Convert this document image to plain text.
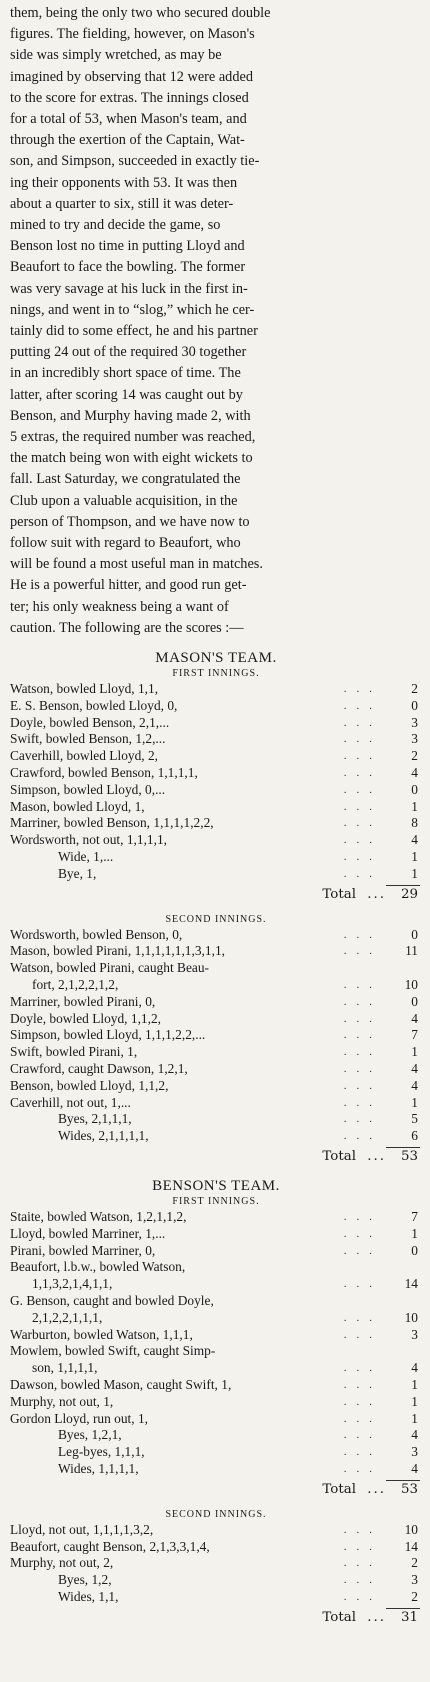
them, being the only two who secured double

figures. The fielding, however, on Mason's

side was simply wretched, as may be

imagined by observing that 12 were added

to the score for extras. The innings closed

for a total of 53, when Mason's team, and

through the exertion of the Captain, Wat-

son, and Simpson, succeeded in exactly tie-

ing their opponents with 53. It was then

about a quarter to six, still it was deter-

mined to try and decide the game, so

Benson lost no time in putting Lloyd and

Beaufort to face the bowling. The former

was very savage at his luck in the first in-

nings, and went in to “slog,” which he cer-

tainly did to some effect, he and his partner

putting 24 out of the required 30 together

in an incredibly short space of time. The

latter, after scoring 14 was caught out by

Benson, and Murphy having made 2, with

5 extras, the required number was reached,

the match being won with eight wickets to

fall. Last Saturday, we congratulated the

Club upon a valuable acquisition, in the

person of Thompson, and we have now to

follow suit with regard to Beaufort, who

will be found a most useful man in matches.

He is a powerful hitter, and good run get-

ter; his only weakness being a want of

caution. The following are the scores :—

MASON'S TEAM.
FIRST INNINGS.
Watson, bowled Lloyd, 1,1,	...	2
E. S. Benson, bowled Lloyd, 0,	...	0
Doyle, bowled Benson, 2,1,...	...	3
Swift, bowled Benson, 1,2,...	...	3
Caverhill, bowled Lloyd, 2,	...	2
Crawford, bowled Benson, 1,1,1,1,	...	4
Simpson, bowled Lloyd, 0,...	...	0
Mason, bowled Lloyd, 1,	...	1
Marriner, bowled Benson, 1,1,1,1,2,2,	...	8
Wordsworth, not out, 1,1,1,1,	...	4
Wide, 1,...	...	1
Bye, 1,	...	1
Total ...	29
SECOND INNINGS.
Wordsworth, bowled Benson, 0,	...	0
Mason, bowled Pirani, 1,1,1,1,1,1,3,1,1,	...	11
Watson, bowled Pirani, caught Beau-
fort, 2,1,2,2,1,2,	...	10
Marriner, bowled Pirani, 0,	...	0
Doyle, bowled Lloyd, 1,1,2,	...	4
Simpson, bowled Lloyd, 1,1,1,2,2,...	...	7
Swift, bowled Pirani, 1,	...	1
Crawford, caught Dawson, 1,2,1,	...	4
Benson, bowled Lloyd, 1,1,2,	...	4
Caverhill, not out, 1,...	...	1
Byes, 2,1,1,1,	...	5
Wides, 2,1,1,1,1,	...	6
Total ...	53
BENSON'S TEAM.
FIRST INNINGS.
Staite, bowled Watson, 1,2,1,1,2,	...	7
Lloyd, bowled Marriner, 1,...	...	1
Pirani, bowled Marriner, 0,	...	0
Beaufort, l.b.w., bowled Watson,
1,1,3,2,1,4,1,1,	...	14
G. Benson, caught and bowled Doyle,
2,1,2,2,1,1,1,	...	10
Warburton, bowled Watson, 1,1,1,	...	3
Mowlem, bowled Swift, caught Simp-
son, 1,1,1,1,	...	4
Dawson, bowled Mason, caught Swift, 1,	...	1
Murphy, not out, 1,	...	1
Gordon Lloyd, run out, 1,	...	1
Byes, 1,2,1,	...	4
Leg-byes, 1,1,1,	...	3
Wides, 1,1,1,1,	...	4
Total ...	53
SECOND INNINGS.
Lloyd, not out, 1,1,1,1,3,2,	...	10
Beaufort, caught Benson, 2,1,3,3,1,4,	...	14
Murphy, not out, 2,	...	2
Byes, 1,2,	...	3
Wides, 1,1,	...	2
Total ...	31
